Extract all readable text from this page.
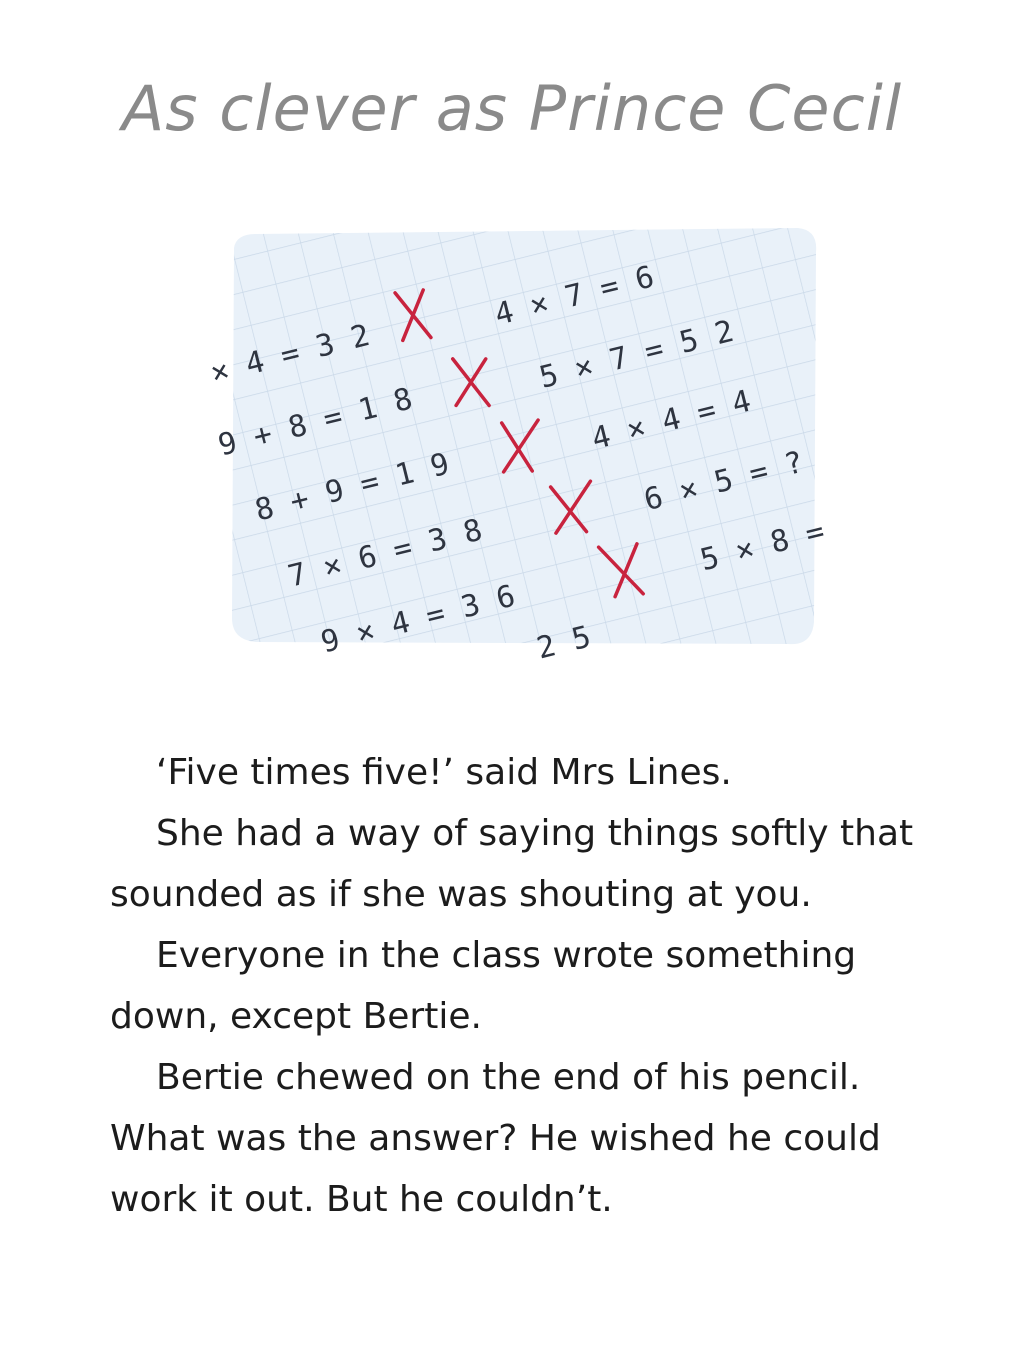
As clever as Prince Cecil
× 4 = 3 2
9 + 8 = 1 8
8 + 9 = 1 9
7 × 6 = 3 8
9 × 4 = 3 6
4 × 7 = 6
5 × 7 = 5 2
4 × 4 = 4
6 × 5 = ?
5 × 8 =
2 5

‘Five times five!’ said Mrs Lines.

She had a way of saying things softly that sounded as if she was shouting at you.

Everyone in the class wrote something down, except Bertie.

Bertie chewed on the end of his pencil. What was the answer? He wished he could work it out. But he couldn’t.
